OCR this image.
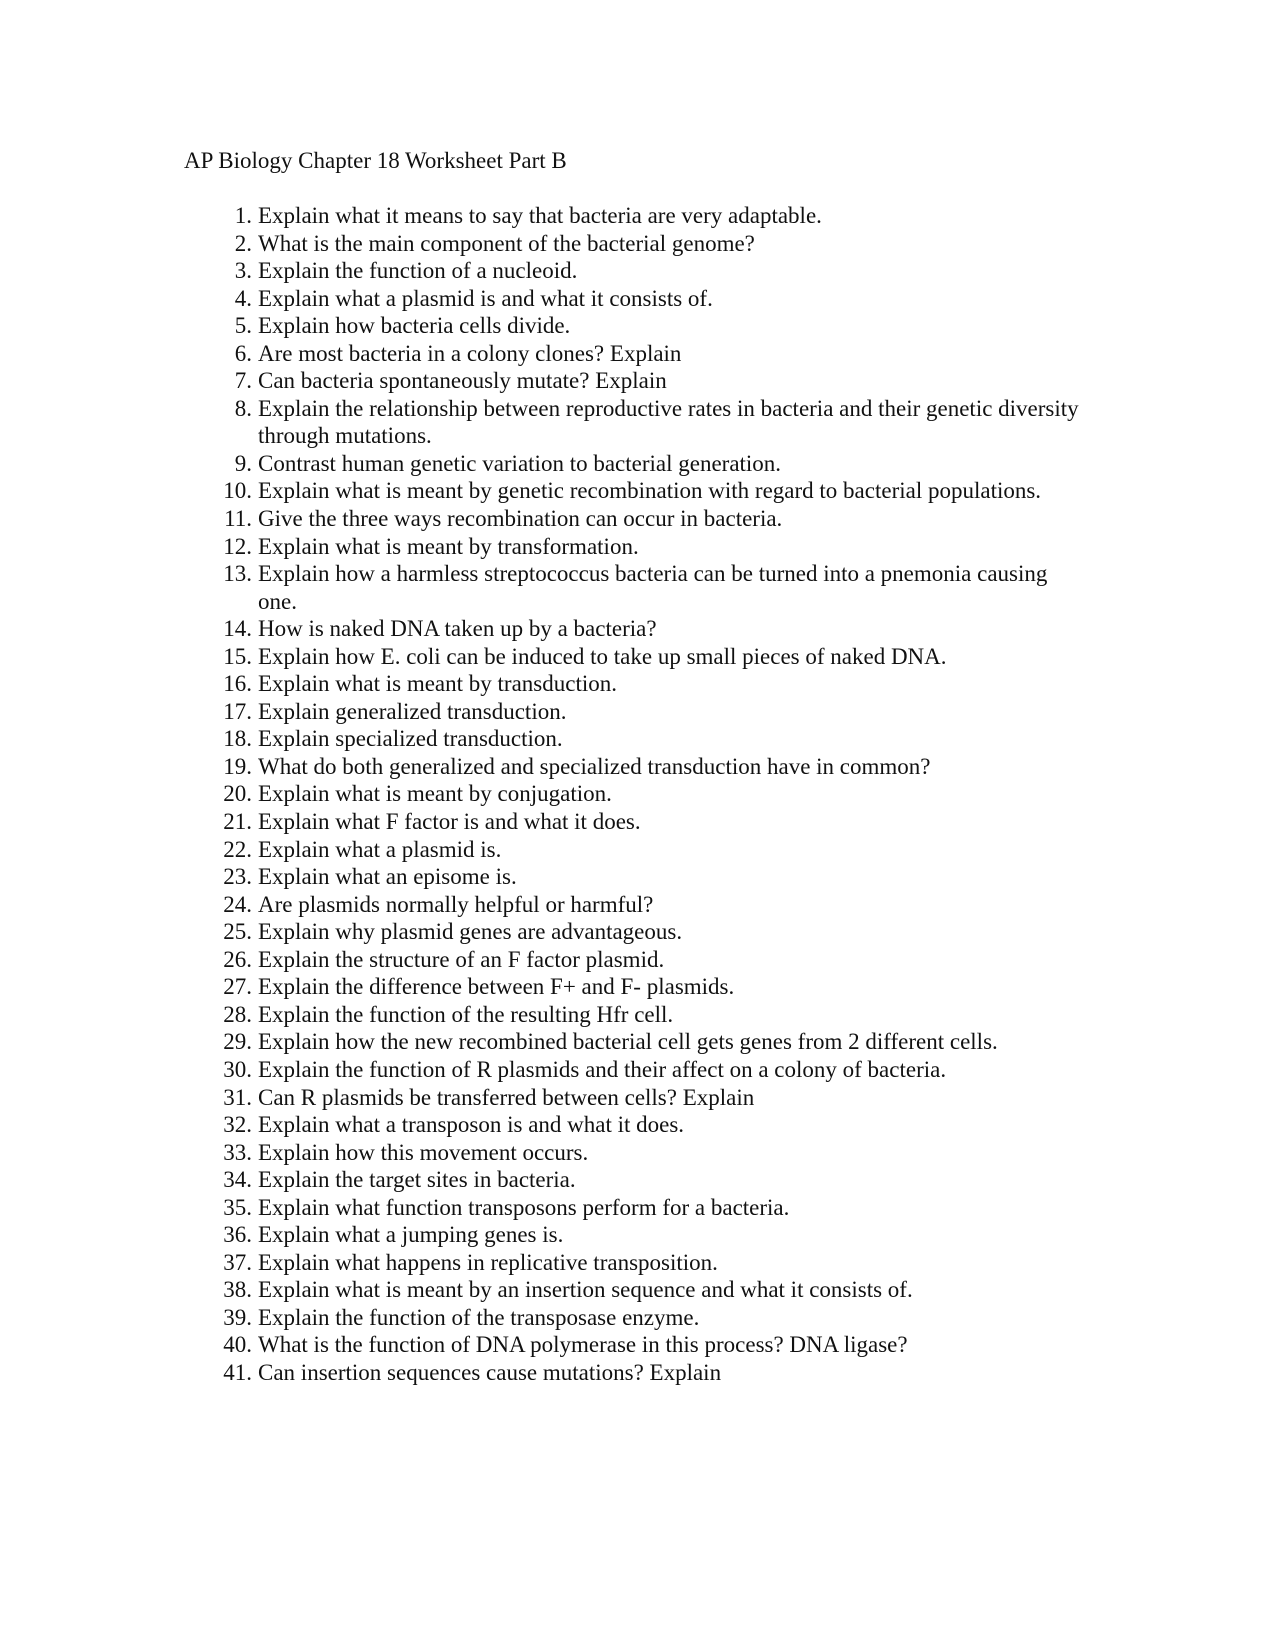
AP Biology Chapter 18 Worksheet Part B
1. Explain what it means to say that bacteria are very adaptable.
2. What is the main component of the bacterial genome?
3. Explain the function of a nucleoid.
4. Explain what a plasmid is and what it consists of.
5. Explain how bacteria cells divide.
6. Are most bacteria in a colony clones? Explain
7. Can bacteria spontaneously mutate? Explain
8. Explain the relationship between reproductive rates in bacteria and their genetic diversity through mutations.
9. Contrast human genetic variation to bacterial generation.
10. Explain what is meant by genetic recombination with regard to bacterial populations.
11. Give the three ways recombination can occur in bacteria.
12. Explain what is meant by transformation.
13. Explain how a harmless streptococcus bacteria can be turned into a pnemonia causing one.
14. How is naked DNA taken up by a bacteria?
15. Explain how E. coli can be induced to take up small pieces of naked DNA.
16. Explain what is meant by transduction.
17. Explain generalized transduction.
18. Explain specialized transduction.
19. What do both generalized and specialized transduction have in common?
20. Explain what is meant by conjugation.
21. Explain what F factor is and what it does.
22. Explain what a plasmid is.
23. Explain what an episome is.
24. Are plasmids normally helpful or harmful?
25. Explain why plasmid genes are advantageous.
26. Explain the structure of an F factor plasmid.
27. Explain the difference between F+ and F- plasmids.
28. Explain the function of the resulting Hfr cell.
29. Explain how the new recombined bacterial cell gets genes from 2 different cells.
30. Explain the function of R plasmids and their affect on a colony of bacteria.
31. Can R plasmids be transferred between cells? Explain
32. Explain what a transposon is and what it does.
33. Explain how this movement occurs.
34. Explain the target sites in bacteria.
35. Explain what function transposons perform for a bacteria.
36. Explain what a jumping genes is.
37. Explain what happens in replicative transposition.
38. Explain what is meant by an insertion sequence and what it consists of.
39. Explain the function of the transposase enzyme.
40. What is the function of DNA polymerase in this process? DNA ligase?
41. Can insertion sequences cause mutations? Explain
